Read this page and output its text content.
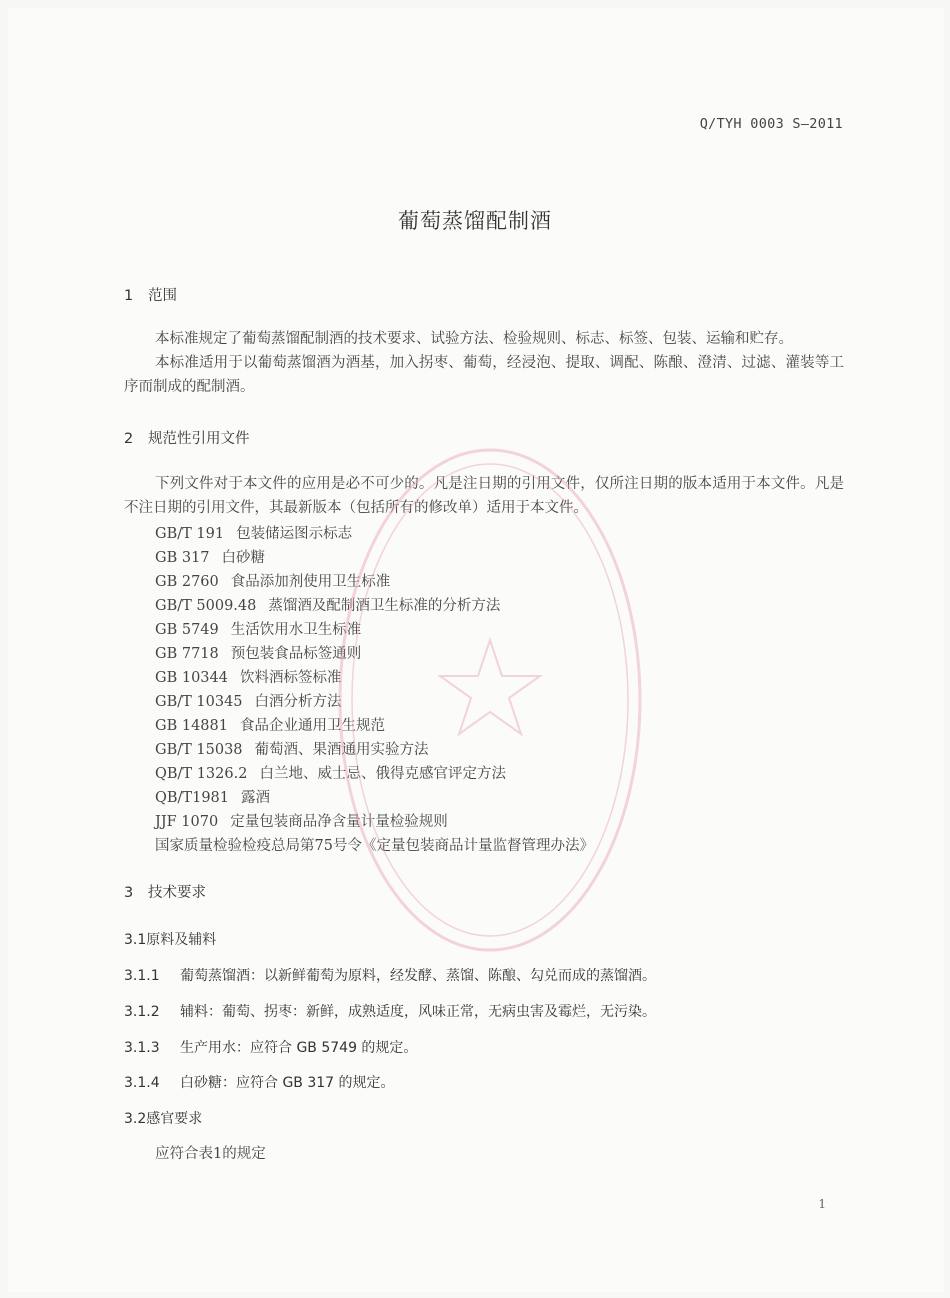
Q/TYH 0003 S—2011
葡萄蒸馏配制酒
1 范围
本标准规定了葡萄蒸馏配制酒的技术要求、试验方法、检验规则、标志、标签、包装、运输和贮存。
本标准适用于以葡萄蒸馏酒为酒基，加入拐枣、葡萄，经浸泡、提取、调配、陈酿、澄清、过滤、灌装等工序而制成的配制酒。
2 规范性引用文件
下列文件对于本文件的应用是必不可少的。凡是注日期的引用文件，仅所注日期的版本适用于本文件。凡是不注日期的引用文件，其最新版本（包括所有的修改单）适用于本文件。
GB/T 191 包装储运图示标志
GB 317 白砂糖
GB 2760 食品添加剂使用卫生标准
GB/T 5009.48 蒸馏酒及配制酒卫生标准的分析方法
GB 5749 生活饮用水卫生标准
GB 7718 预包装食品标签通则
GB 10344 饮料酒标签标准
GB/T 10345 白酒分析方法
GB 14881 食品企业通用卫生规范
GB/T 15038 葡萄酒、果酒通用实验方法
QB/T 1326.2 白兰地、威士忌、俄得克感官评定方法
QB/T1981 露酒
JJF 1070 定量包装商品净含量计量检验规则
国家质量检验检疫总局第75号令《定量包装商品计量监督管理办法》
3 技术要求
3.1原料及辅料
3.1.1 葡萄蒸馏酒：以新鲜葡萄为原料，经发酵、蒸馏、陈酿、勾兑而成的蒸馏酒。
3.1.2 辅料：葡萄、拐枣：新鲜，成熟适度，风味正常，无病虫害及霉烂，无污染。
3.1.3 生产用水：应符合 GB 5749 的规定。
3.1.4 白砂糖：应符合 GB 317 的规定。
3.2感官要求
应符合表1的规定
1
